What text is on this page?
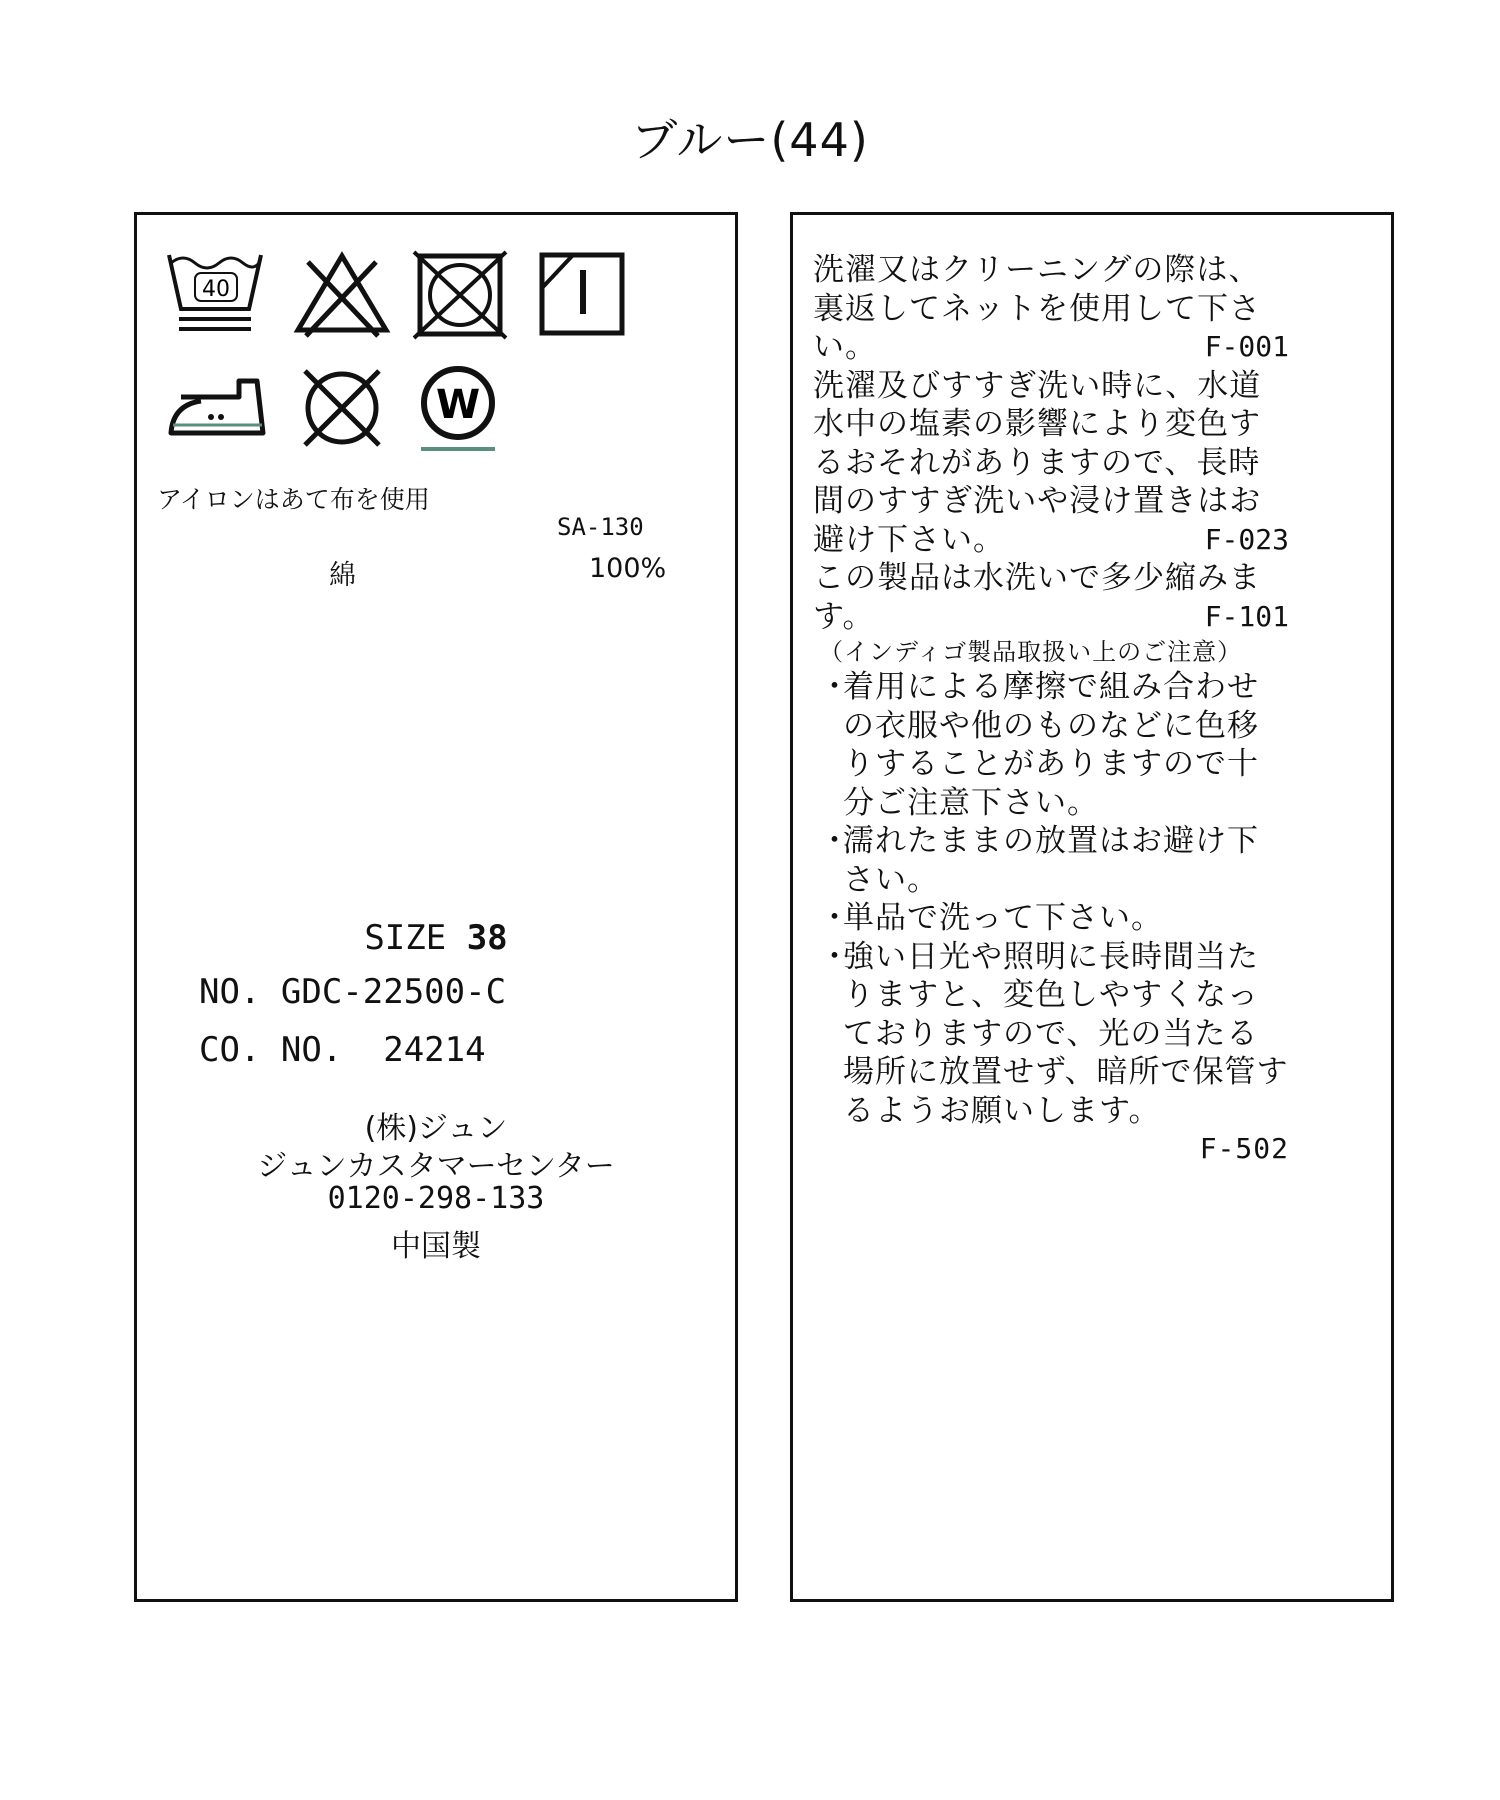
ブルー(44)
40
W
アイロンはあて布を使用
SA-130
綿	100%
SIZE 38
NO. GDC-22500-C
CO. NO.  24214
(株)ジュン
ジュンカスタマーセンター
0120-298-133
中国製
洗濯又はクリーニングの際は、裏返してネットを使用して下さい。	F-001
洗濯及びすすぎ洗い時に、水道水中の塩素の影響により変色するおそれがありますので、長時間のすすぎ洗いや浸け置きはお避け下さい。	F-023
この製品は水洗いで多少縮みます。	F-101
（インディゴ製品取扱い上のご注意）
・
着用による摩擦で組み合わせの衣服や他のものなどに色移りすることがありますので十分ご注意下さい。
・
濡れたままの放置はお避け下さい。
・
単品で洗って下さい。
・
強い日光や照明に長時間当たりますと、変色しやすくなっておりますので、光の当たる場所に放置せず、暗所で保管するようお願いします。
F-502
